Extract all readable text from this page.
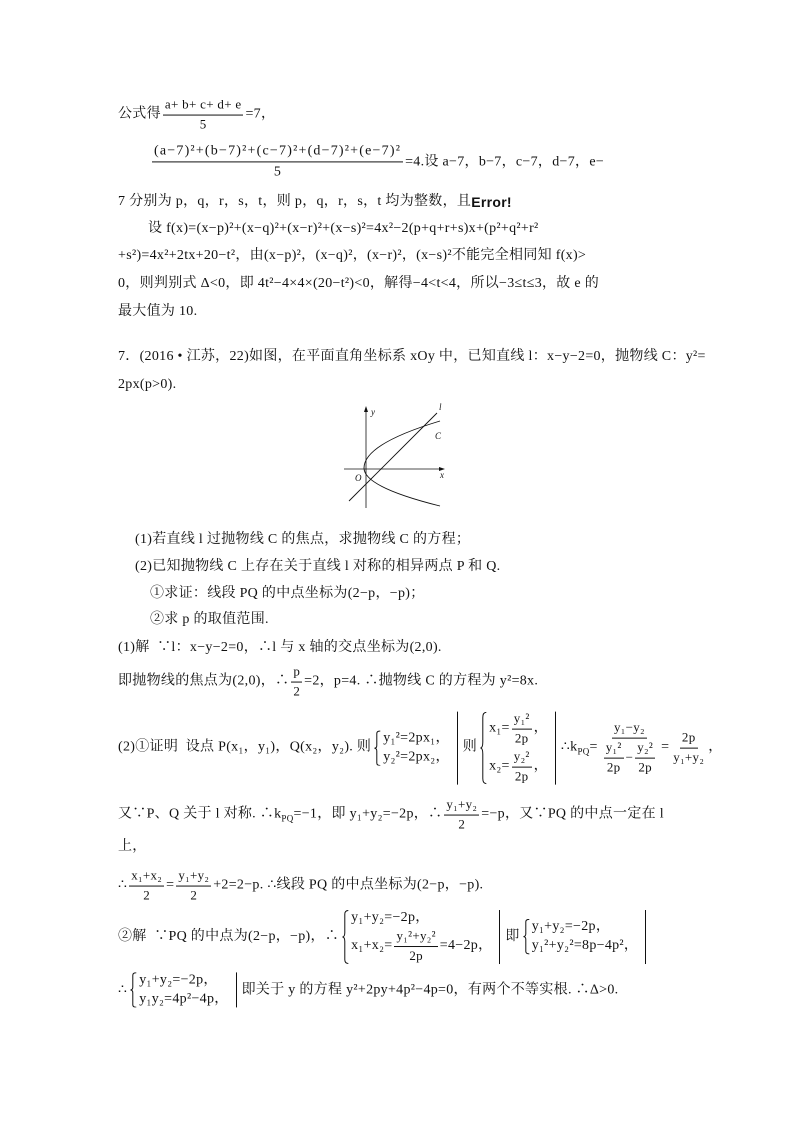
公式得 $\frac{a+ b+ c+ d+ e}{5} =7$，
$\frac{\text{(a−7)²+(b−7)²+(c−7)²+(d−7)²+(e−7)²}}{5} =4$.设 a−7，b−7，c−7，d−7，e−
7 分别为 p，q，r，s，t，则 p，q，r，s，t 均为整数，且 Error!
设 f(x)=(x−p)²+(x−q)²+(x−r)²+(x−s)²=4x²−2(p+q+r+s)x+(p²+q²+r²
+s²)=4x²+2tx+20−t²，由(x−p)²，(x−q)²，(x−r)²，(x−s)²不能完全相同知 f(x)>
0，则判别式 Δ<0，即 4t²−4×4×(20−t²)<0，解得−4<t<4，所以−3≤t≤3，故 e 的
最大值为 10.
7．(2016 • 江苏，22)如图，在平面直角坐标系 xOy 中，已知直线 l：x−y−2=0，抛物线 C：y²=
2px(p>0).
y
x
O
l
C
(1)若直线 l 过抛物线 C 的焦点，求抛物线 C 的方程；
(2)已知抛物线 C 上存在关于直线 l 对称的相异两点 P 和 Q.
①求证：线段 PQ 的中点坐标为(2−p，−p)；
②求 p 的取值范围.
(1)解  ∵l：x−y−2=0，∴l 与 x 轴的交点坐标为(2,0).
即抛物线的焦点为(2,0)，∴ $\frac{p}{2} =2$，p=4. ∴抛物线 C 的方程为 y²=8x.
(2)①证明  设点 P(x₁，y₁)，Q(x₂，y₂). 则
y₁²=2px₁，
y₂²=2px₂，
则
$x_1= \frac{\text{y₁²}}{2p}$ ，
$x_2= \frac{\text{y₂²}}{2p}$ ，
∴k PQ =
y₁−y₂
$\frac{\text{y₁²}}{2p} - \frac{\text{y₂²}}{2p} = \frac{2p}{\text{y₁+y₂}}$ ，
又∵P、Q 关于 l 对称. ∴k PQ =−1，即 y₁+y₂=−2p，∴ $\frac{\text{y₁+y₂}}{2} =-p$，又∵PQ 的中点一定在 l
上，
∴ $\frac{\text{x₁+x₂}}{2} = \frac{\text{y₁+y₂}}{2} +2=2-p$. ∴线段 PQ 的中点坐标为(2−p，−p).
②解  ∵PQ 的中点为(2−p，−p)，∴
y₁+y₂=−2p，
$x_1+x_2= \frac{\text{y₁²+y₂²}}{2p} =4-2p$，
即
y₁+y₂=−2p，
y₁²+y₂²=8p−4p²，
∴
y₁+y₂=−2p，
y₁y₂=4p²−4p，
即关于 y 的方程 y²+2py+4p²−4p=0，有两个不等实根. ∴Δ>0.
